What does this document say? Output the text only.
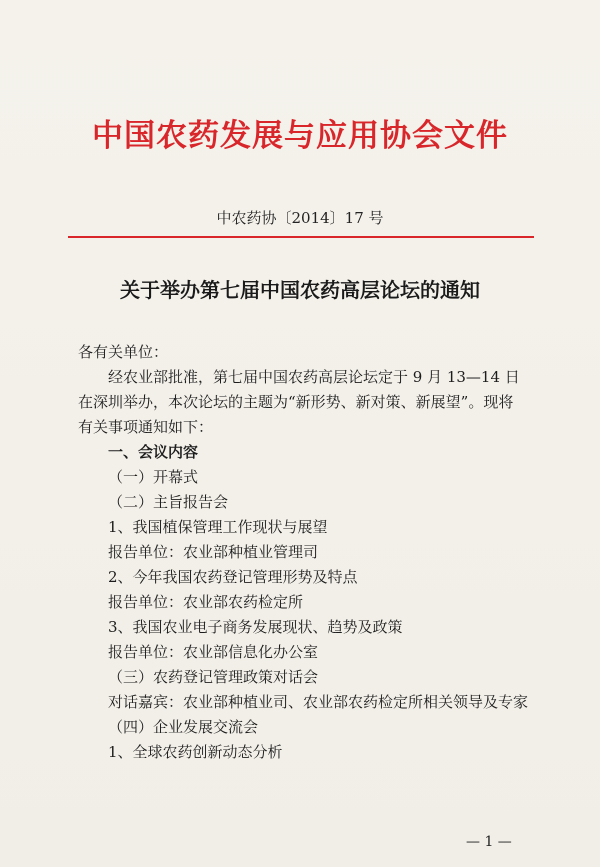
中国农药发展与应用协会文件
中农药协〔2014〕17 号
关于举办第七届中国农药高层论坛的通知
各有关单位：
经农业部批准，第七届中国农药高层论坛定于 9 月 13—14 日
在深圳举办，本次论坛的主题为“新形势、新对策、新展望”。现将
有关事项通知如下：
一、会议内容
（一）开幕式
（二）主旨报告会
1、我国植保管理工作现状与展望
报告单位：农业部种植业管理司
2、今年我国农药登记管理形势及特点
报告单位：农业部农药检定所
3、我国农业电子商务发展现状、趋势及政策
报告单位：农业部信息化办公室
（三）农药登记管理政策对话会
对话嘉宾：农业部种植业司、农业部农药检定所相关领导及专家
（四）企业发展交流会
1、全球农药创新动态分析
— 1 —
